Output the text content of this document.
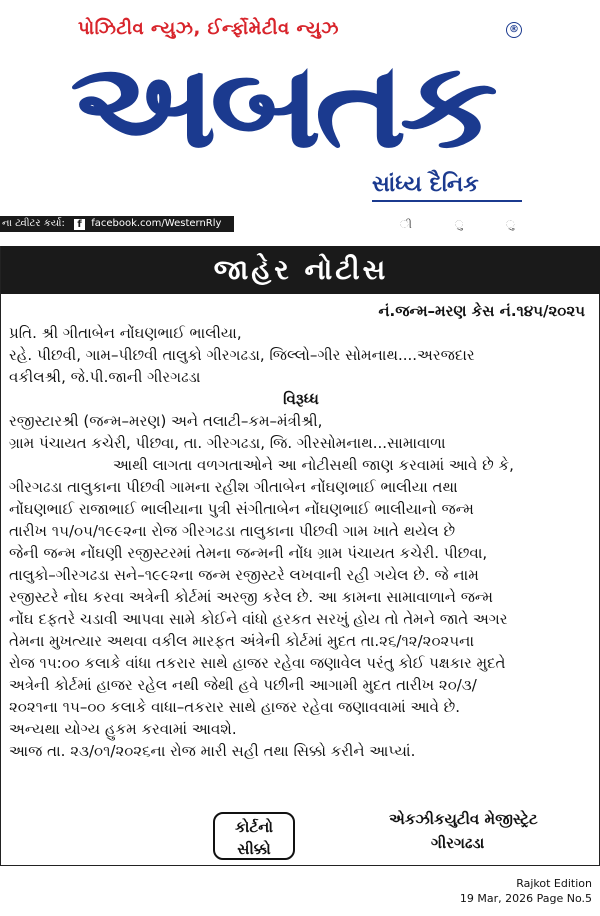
પોઝિટીવ ન્યુઝ, ઈર્ન્ફોમેટીવ ન્યુઝ	®
અબતક
સાંધ્ય દૈનિક
ના ટ્વીટર કર્યા: f facebook.com/WesternRly	ી ુ ુ
જાહેર નોટીસ

નં.જન્મ–મરણ કેસ નં.૧૪૫/૨૦૨૫

પ્રતિ. શ્રી ગીતાબેન નોંઘણભાઈ ભાલીયા,

રહે. પીછવી, ગામ–પીછવી તાલુકો ગીરગઢડા, જિલ્લો–ગીર સોમનાથ....અરજદાર

વકીલશ્રી, જે.પી.જાની ગીરગઢડા

વિરૂધ્ધ

રજીસ્ટારશ્રી (જન્મ–મરણ) અને તલાટી–કમ–મંત્રીશ્રી,

ગ્રામ પંચાયત કચેરી, પીછવા, તા. ગીરગઢડા, જિ. ગીરસોમનાથ...સામાવાળા

આથી લાગતા વળગતાઓને આ નોટીસથી જાણ કરવામાં આવે છે કે,

ગીરગઢડા તાલુકાના પીછવી ગામના રહીશ ગીતાબેન નોંઘણભાઈ ભાલીયા તથા

નોંઘણભાઈ રાજાભાઈ ભાલીયાના પુત્રી સંગીતાબેન નોંઘણભાઈ ભાલીયાનો જન્મ

તારીખ ૧૫/૦૫/૧૯૯૨ના રોજ ગીરગઢડા તાલુકાના પીછવી ગામ ખાતે થયેલ છે

જેની જન્મ નોંઘણી રજીસ્ટરમાં તેમના જન્મની નોંધ ગ્રામ પંચાયત કચેરી. પીછવા,

તાલુકો–ગીરગઢડા સને–૧૯૯૨ના જન્મ રજીસ્ટરે લખવાની રહી ગયેલ છે. જે નામ

રજીસ્ટરે નોઘ કરવા અત્રેની કોર્ટમાં અરજી કરેલ છે. આ કામના સામાવાળાને જન્મ

નોંઘ દફતરે ચડાવી આપવા સામે કોઈને વાંધો હરકત સરખું હોય તો તેમને જાતે અગર

તેમના મુખત્યાર અથવા વકીલ મારફત અંત્રેની કોર્ટમાં મુદત તા.૨૬/૧૨/૨૦૨૫ના

રોજ ૧૫:૦૦ કલાકે વાંધા તકરાર સાથે હાજર રહેવા જણાવેલ પરંતુ કોઈ પક્ષકાર મુદતે

અત્રેની કોર્ટમાં હાજર રહેલ નથી જેથી હવે પછીની આગામી મુદત તારીખ ૨૦/૩/

૨૦૨૧ના ૧૫–૦૦ કલાકે વાધા–તકરાર સાથે હાજર રહેવા જણાવવામાં આવે છે.

અન્યથા યોગ્ય હુકમ કરવામાં આવશે.

આજ તા. ૨૩/૦૧/૨૦૨૬ના રોજ મારી સહી તથા સિક્કો કરીને આપ્યાં.

કોર્ટનો
સીક્કો
એકઝીકયુટીવ મેજીસ્ટ્રેટ
ગીરગઢડા
Rajkot Edition
19 Mar, 2026 Page No.5
